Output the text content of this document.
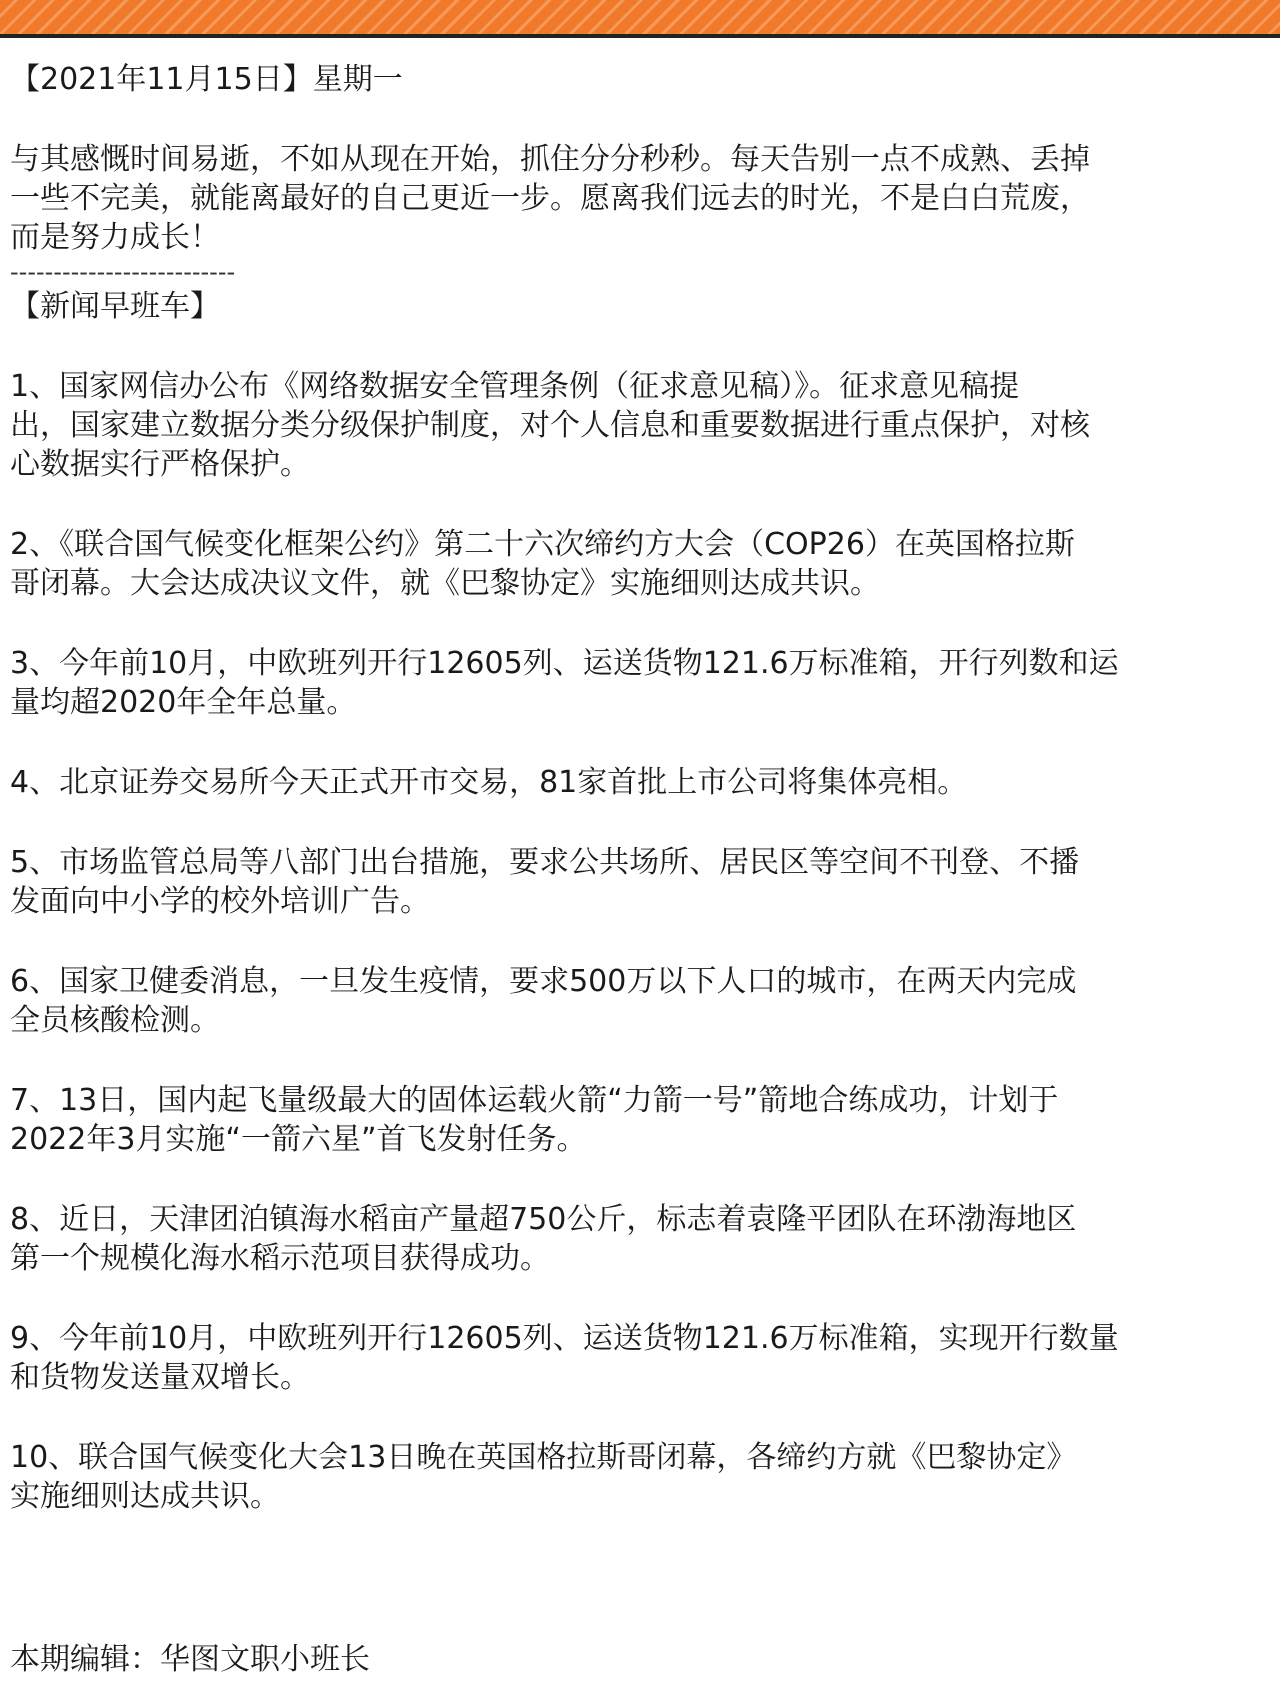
【2021年11月15日】星期一
与其感慨时间易逝，不如从现在开始，抓住分分秒秒。每天告别一点不成熟、丢掉
一些不完美，就能离最好的自己更近一步。愿离我们远去的时光，不是白白荒废，
而是努力成长！
--------------------------
【新闻早班车】
1、国家网信办公布《网络数据安全管理条例（征求意见稿）》。征求意见稿提
出，国家建立数据分类分级保护制度，对个人信息和重要数据进行重点保护，对核
心数据实行严格保护。
2、《联合国气候变化框架公约》第二十六次缔约方大会（COP26）在英国格拉斯
哥闭幕。大会达成决议文件，就《巴黎协定》实施细则达成共识。
3、今年前10月，中欧班列开行12605列、运送货物121.6万标准箱，开行列数和运
量均超2020年全年总量。
4、北京证券交易所今天正式开市交易，81家首批上市公司将集体亮相。
5、市场监管总局等八部门出台措施，要求公共场所、居民区等空间不刊登、不播
发面向中小学的校外培训广告。
6、国家卫健委消息，一旦发生疫情，要求500万以下人口的城市，在两天内完成
全员核酸检测。
7、13日，国内起飞量级最大的固体运载火箭“力箭一号”箭地合练成功，计划于
2022年3月实施“一箭六星”首飞发射任务。
8、近日，天津团泊镇海水稻亩产量超750公斤，标志着袁隆平团队在环渤海地区
第一个规模化海水稻示范项目获得成功。
9、今年前10月，中欧班列开行12605列、运送货物121.6万标准箱，实现开行数量
和货物发送量双增长。
10、联合国气候变化大会13日晚在英国格拉斯哥闭幕，各缔约方就《巴黎协定》
实施细则达成共识。
本期编辑：华图文职小班长
